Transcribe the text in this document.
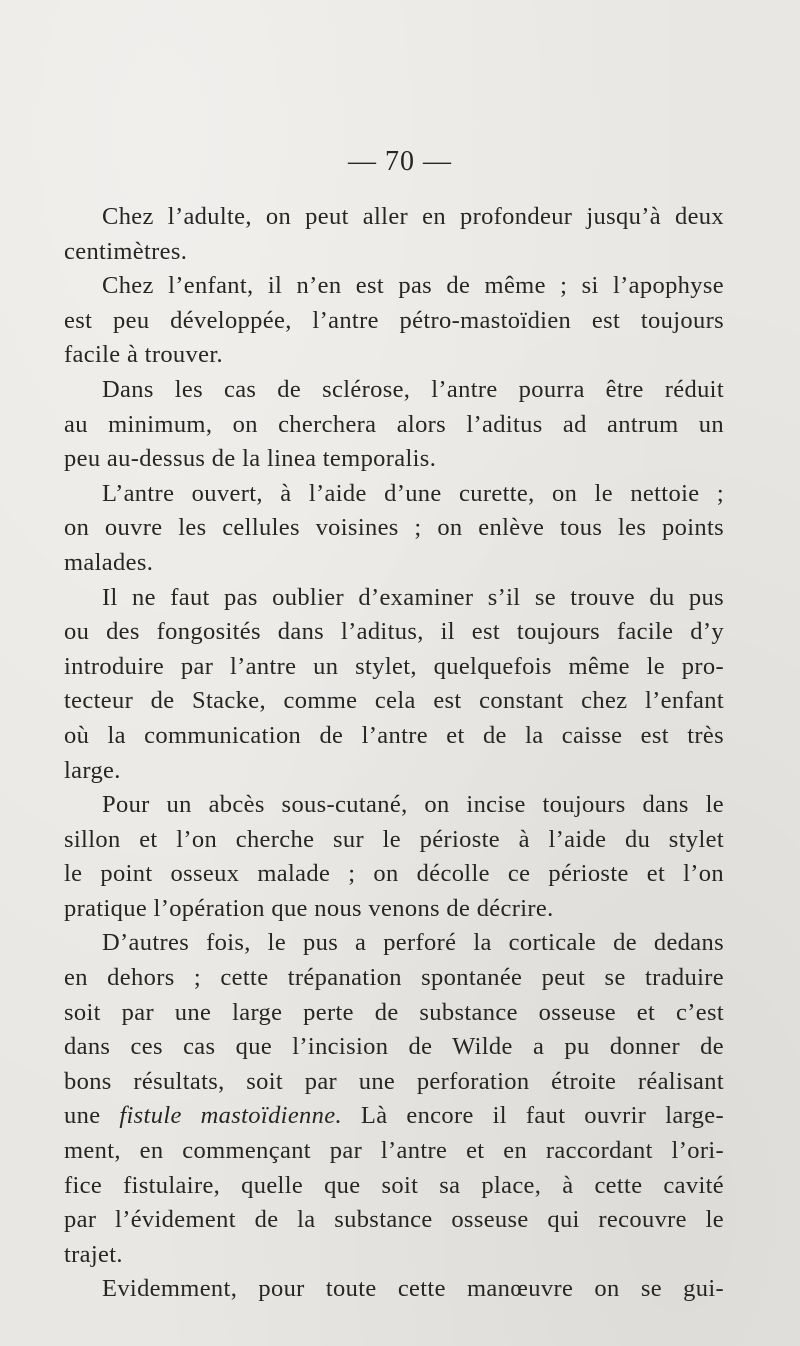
— 70 —
Chez l’adulte, on peut aller en profondeur jusqu’à deux
centimètres.
Chez l’enfant, il n’en est pas de même ; si l’apophyse
est peu développée, l’antre pétro-mastoïdien est toujours
facile à trouver.
Dans les cas de sclérose, l’antre pourra être réduit
au minimum, on cherchera alors l’aditus ad antrum un
peu au-dessus de la linea temporalis.
L’antre ouvert, à l’aide d’une curette, on le nettoie ;
on ouvre les cellules voisines ; on enlève tous les points
malades.
Il ne faut pas oublier d’examiner s’il se trouve du pus
ou des fongosités dans l’aditus, il est toujours facile d’y
introduire par l’antre un stylet, quelquefois même le pro-
tecteur de Stacke, comme cela est constant chez l’enfant
où la communication de l’antre et de la caisse est très
large.
Pour un abcès sous-cutané, on incise toujours dans le
sillon et l’on cherche sur le périoste à l’aide du stylet
le point osseux malade ; on décolle ce périoste et l’on
pratique l’opération que nous venons de décrire.
D’autres fois, le pus a perforé la corticale de dedans
en dehors ; cette trépanation spontanée peut se traduire
soit par une large perte de substance osseuse et c’est
dans ces cas que l’incision de Wilde a pu donner de
bons résultats, soit par une perforation étroite réalisant
une fistule mastoïdienne. Là encore il faut ouvrir large-
ment, en commençant par l’antre et en raccordant l’ori-
fice fistulaire, quelle que soit sa place, à cette cavité
par l’évidement de la substance osseuse qui recouvre le
trajet.
Evidemment, pour toute cette manœuvre on se gui-
